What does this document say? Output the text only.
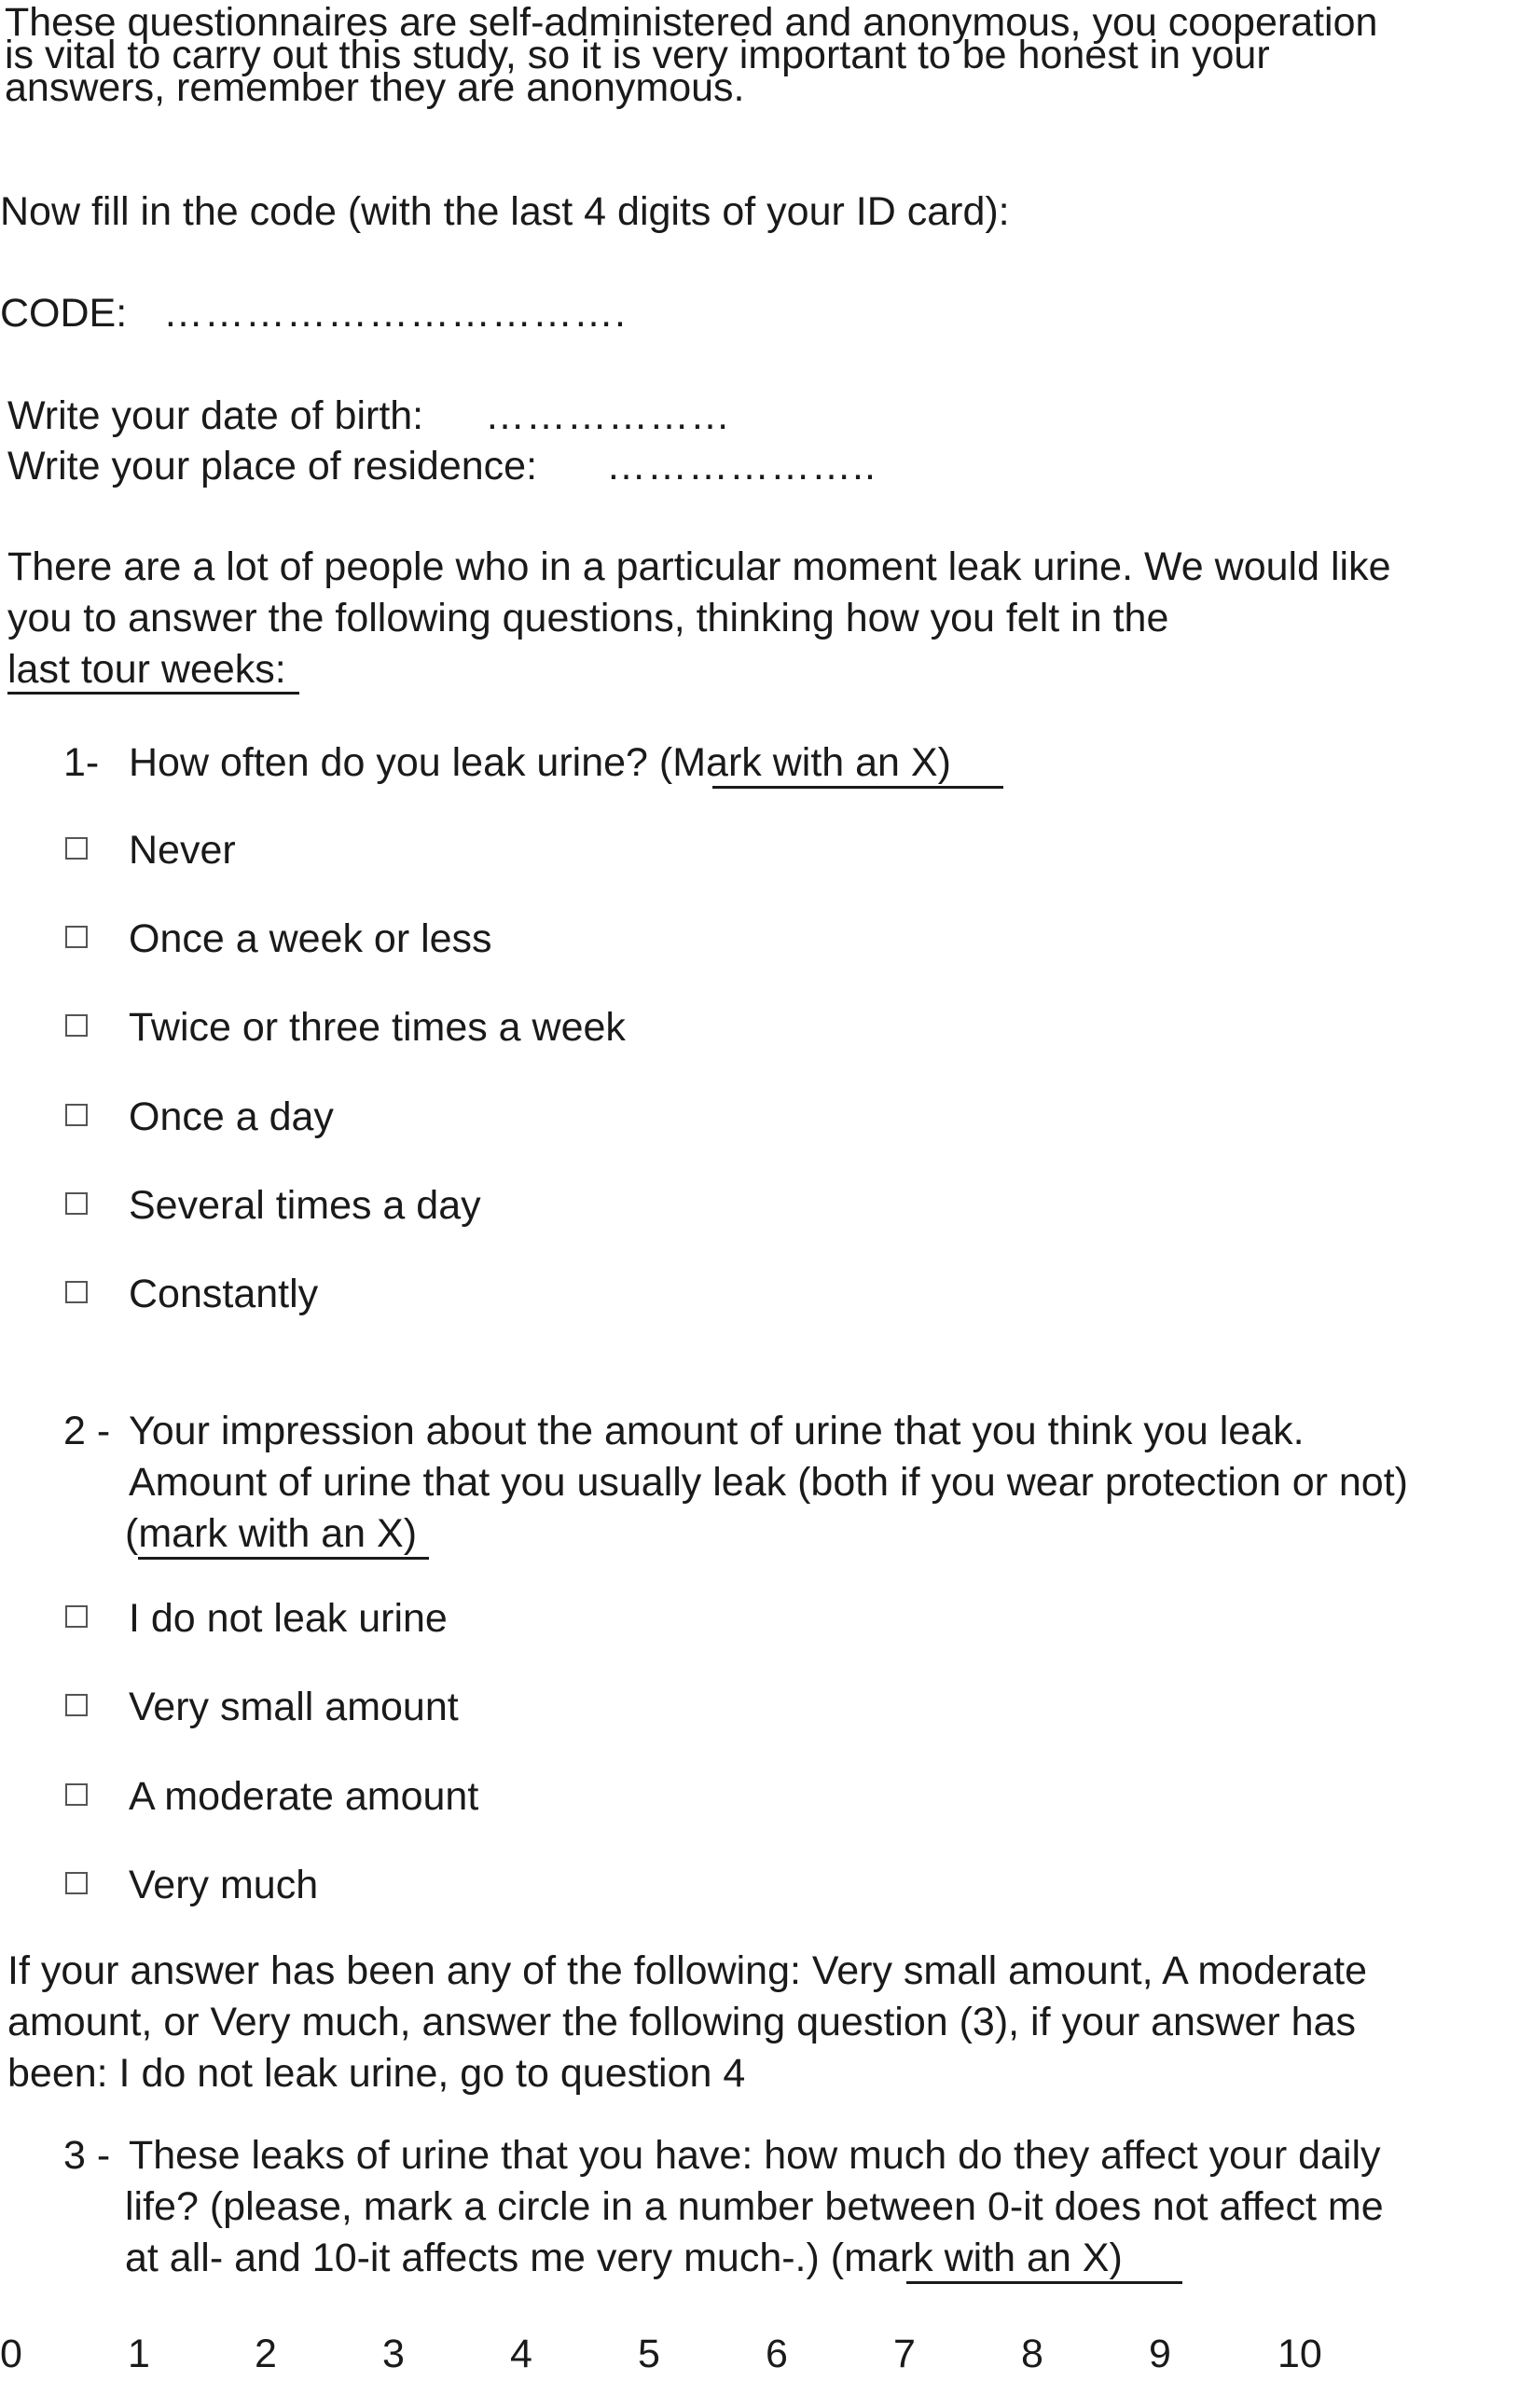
These questionnaires are self-administered and anonymous, you cooperation
is vital to carry out this study, so it is very important to be honest in your
answers, remember they are anonymous.
Now fill in the code (with the last 4 digits of your ID card):
CODE: …………………………….
Write your date of birth: ………………
Write your place of residence: ………………..
There are a lot of people who in a particular moment leak urine. We would like
you to answer the following questions, thinking how you felt in the
last tour weeks:
1- How often do you leak urine? (Mark with an X)
Never
Once a week or less
Twice or three times a week
Once a day
Several times a day
Constantly
2 - Your impression about the amount of urine that you think you leak.
Amount of urine that you usually leak (both if you wear protection or not)
(mark with an X)
I do not leak urine
Very small amount
A moderate amount
Very much
If your answer has been any of the following: Very small amount, A moderate
amount, or Very much, answer the following question (3), if your answer has
been: I do not leak urine, go to question 4
3 - These leaks of urine that you have: how much do they affect your daily
life? (please, mark a circle in a number between 0-it does not affect me
at all- and 10-it affects me very much-.) (mark with an X)
0	1	2	3	4	5	6	7	8	9	10
